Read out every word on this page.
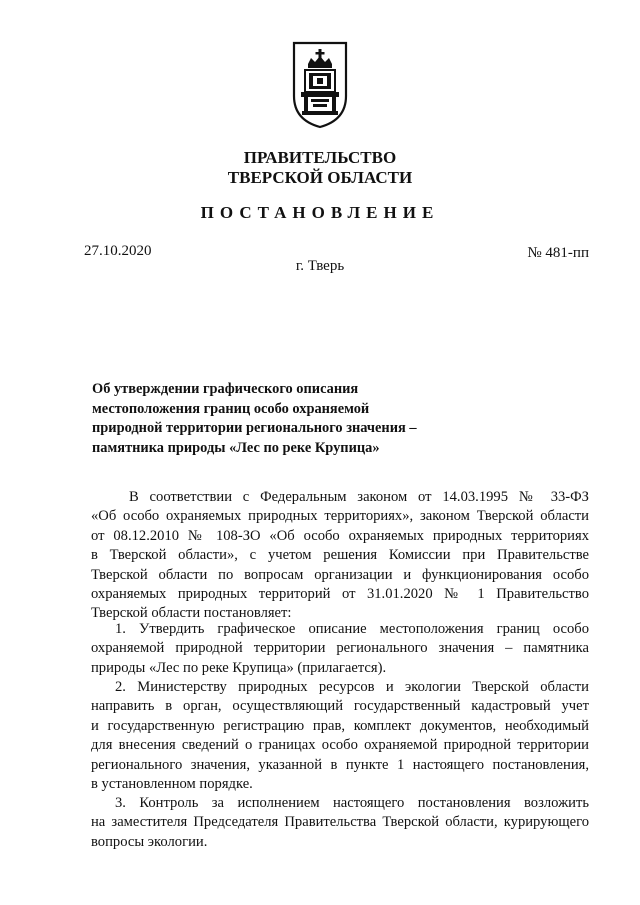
ПРАВИТЕЛЬСТВО
ТВЕРСКОЙ ОБЛАСТИ
ПОСТАНОВЛЕНИЕ
27.10.2020	№ 481-пп
г. Тверь
Об утверждении графического описания
местоположения границ особо охраняемой
природной территории регионального значения –
памятника природы «Лес по реке Крупица»
В соответствии с Федеральным законом от 14.03.1995 № 33-ФЗ
«Об особо охраняемых природных территориях», законом Тверской области
от 08.12.2010 № 108-ЗО «Об особо охраняемых природных территориях
в Тверской области», с учетом решения Комиссии при Правительстве
Тверской области по вопросам организации и функционирования особо
охраняемых природных территорий от 31.01.2020 № 1 Правительство
Тверской области постановляет:
1. Утвердить графическое описание местоположения границ особо
охраняемой природной территории регионального значения – памятника
природы «Лес по реке Крупица» (прилагается).
2. Министерству природных ресурсов и экологии Тверской области
направить в орган, осуществляющий государственный кадастровый учет
и государственную регистрацию прав, комплект документов, необходимый
для внесения сведений о границах особо охраняемой природной территории
регионального значения, указанной в пункте 1 настоящего постановления,
в установленном порядке.
3. Контроль за исполнением настоящего постановления возложить
на заместителя Председателя Правительства Тверской области, курирующего
вопросы экологии.
